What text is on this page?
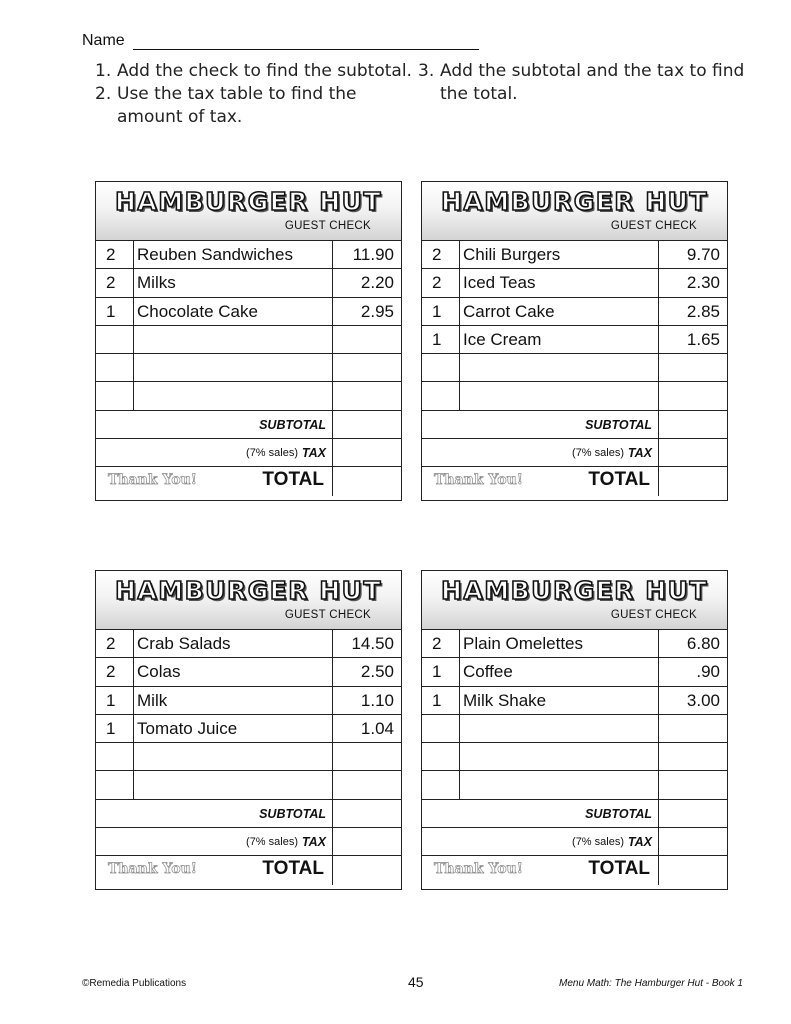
Name
1. Add the check to find the subtotal.
2. Use the tax table to find the
amount of tax.
3. Add the subtotal and the tax to find
the total.
HAMBURGER HUT
GUEST CHECK
2	Reuben Sandwiches	11.90
2	Milks	2.20
1	Chocolate Cake	2.95
SUBTOTAL
(7% sales) TAX
Thank You!	TOTAL
HAMBURGER HUT
GUEST CHECK
2	Chili Burgers	9.70
2	Iced Teas	2.30
1	Carrot Cake	2.85
1	Ice Cream	1.65
SUBTOTAL
(7% sales) TAX
Thank You!	TOTAL
HAMBURGER HUT
GUEST CHECK
2	Crab Salads	14.50
2	Colas	2.50
1	Milk	1.10
1	Tomato Juice	1.04
SUBTOTAL
(7% sales) TAX
Thank You!	TOTAL
HAMBURGER HUT
GUEST CHECK
2	Plain Omelettes	6.80
1	Coffee	.90
1	Milk Shake	3.00
SUBTOTAL
(7% sales) TAX
Thank You!	TOTAL
©Remedia Publications	45	Menu Math: The Hamburger Hut - Book 1
